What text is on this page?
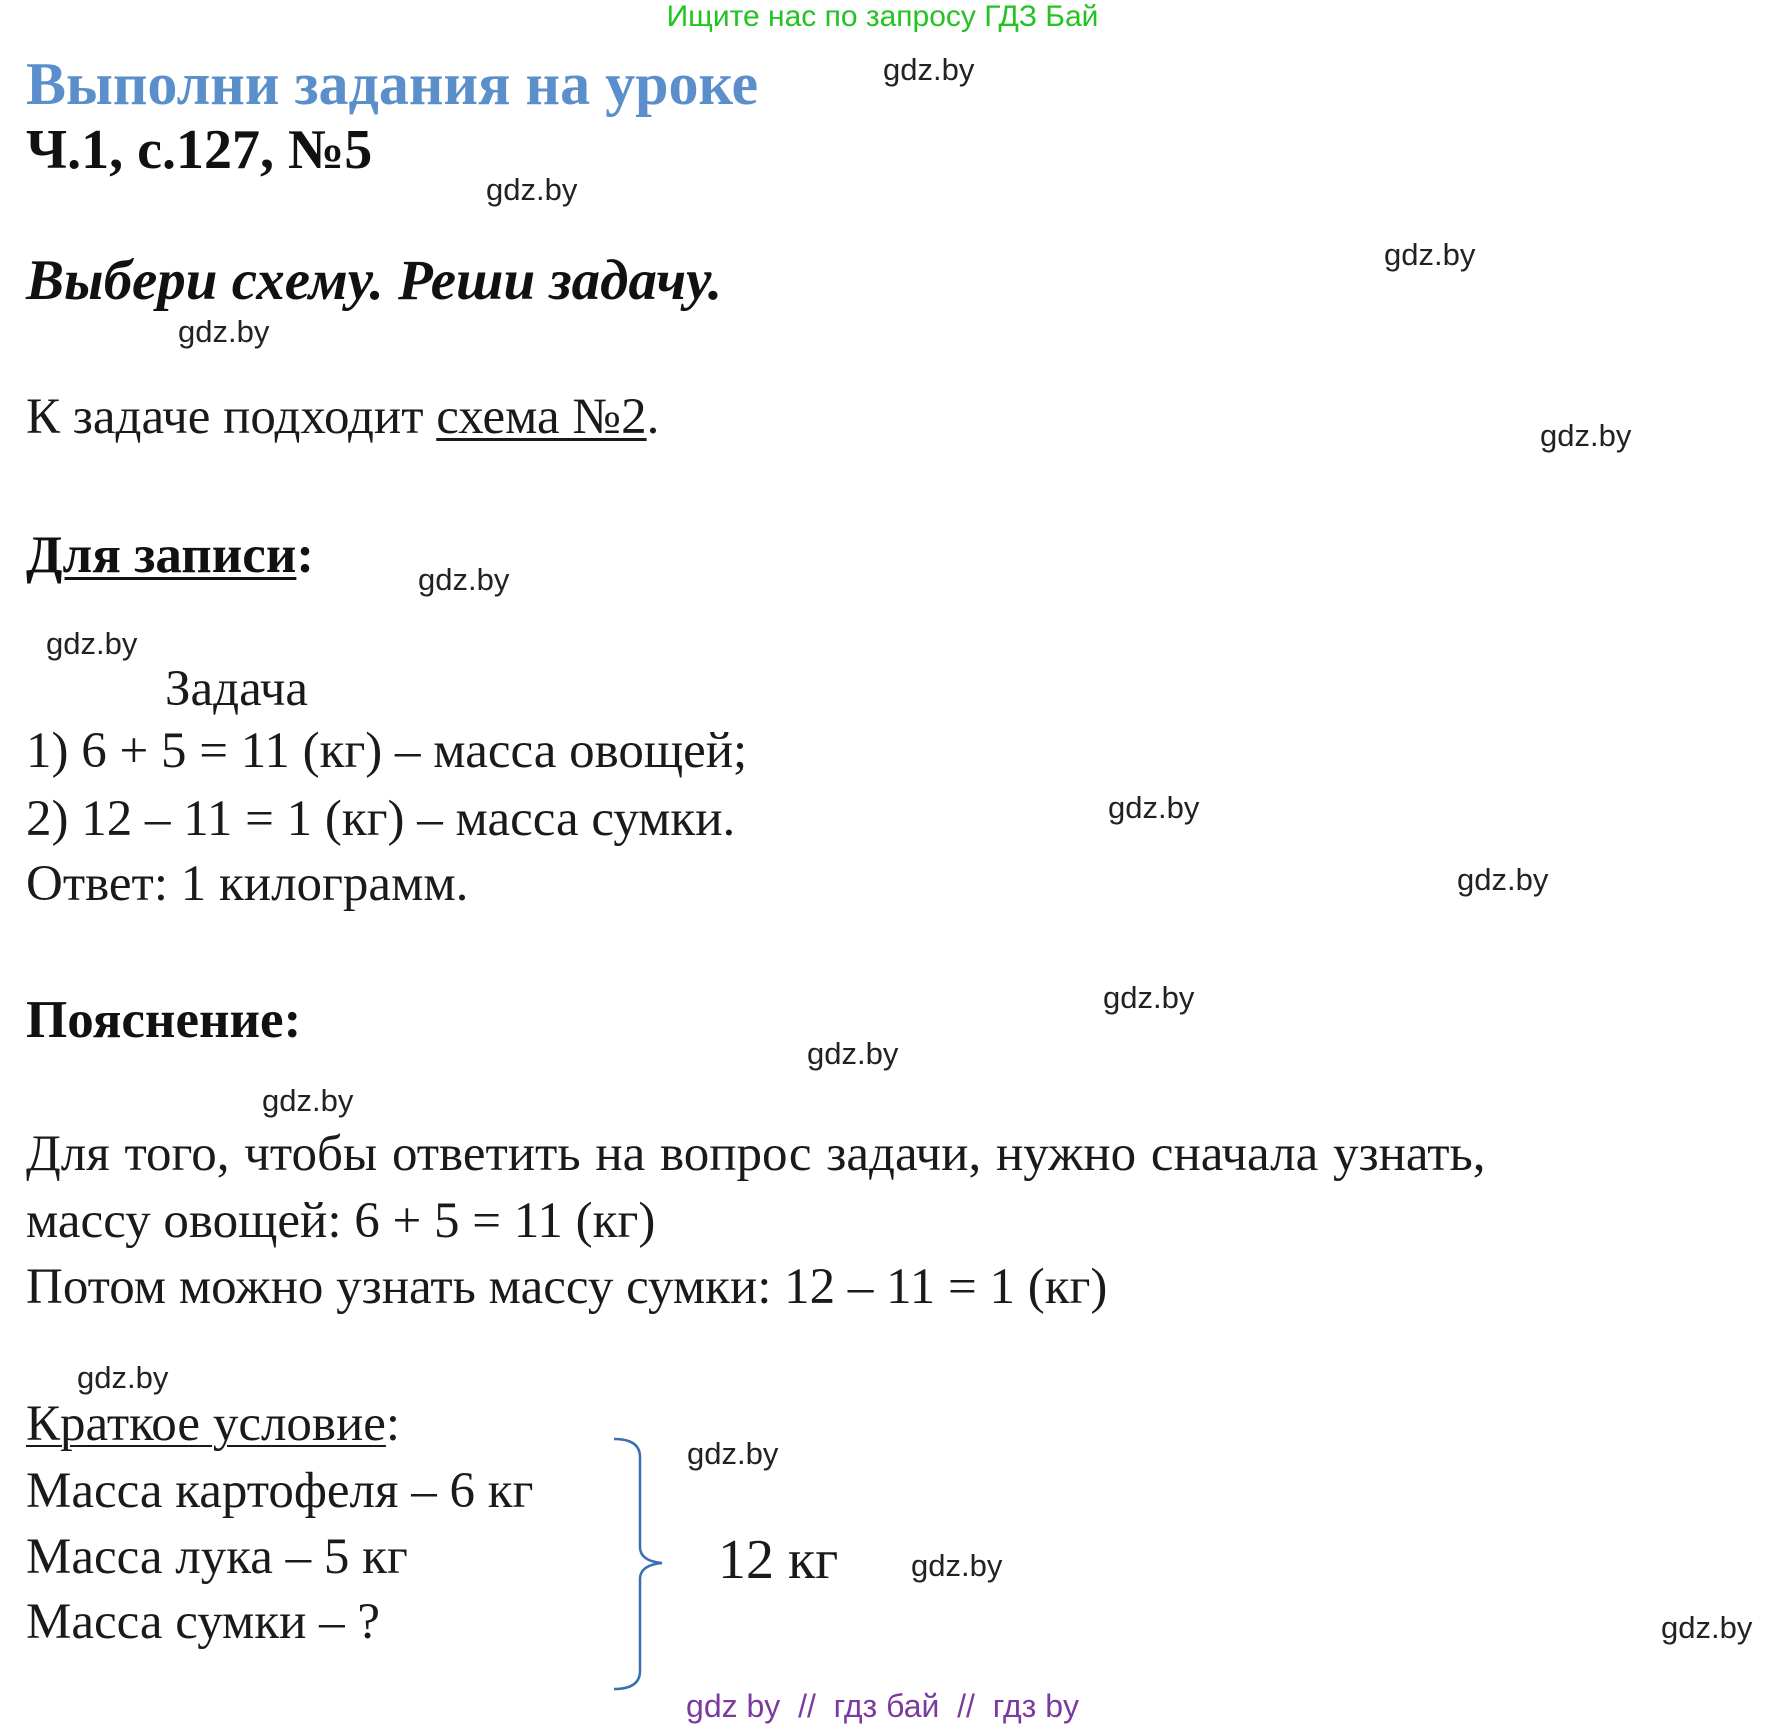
Ищите нас по запросу ГДЗ Бай
Выполни задания на уроке
Ч.1, с.127, №5
Выбери схему. Реши задачу.
К задаче подходит схема №2.
Для записи:
Задача
1) 6 + 5 = 11 (кг) – масса овощей;
2) 12 – 11 = 1 (кг) – масса сумки.
Ответ: 1 килограмм.
Пояснение:
Для того, чтобы ответить на вопрос задачи, нужно сначала узнать,
массу овощей: 6 + 5 = 11 (кг)
Потом можно узнать массу сумки: 12 – 11 = 1 (кг)
Краткое условие:
Масса картофеля – 6 кг
Масса лука – 5 кг
Масса сумки – ?
12 кг
gdz.by
gdz.by
gdz.by
gdz.by
gdz.by
gdz.by
gdz.by
gdz.by
gdz.by
gdz.by
gdz.by
gdz.by
gdz.by
gdz.by
gdz.by
gdz.by
gdz by  //  гдз бай  //  гдз by
